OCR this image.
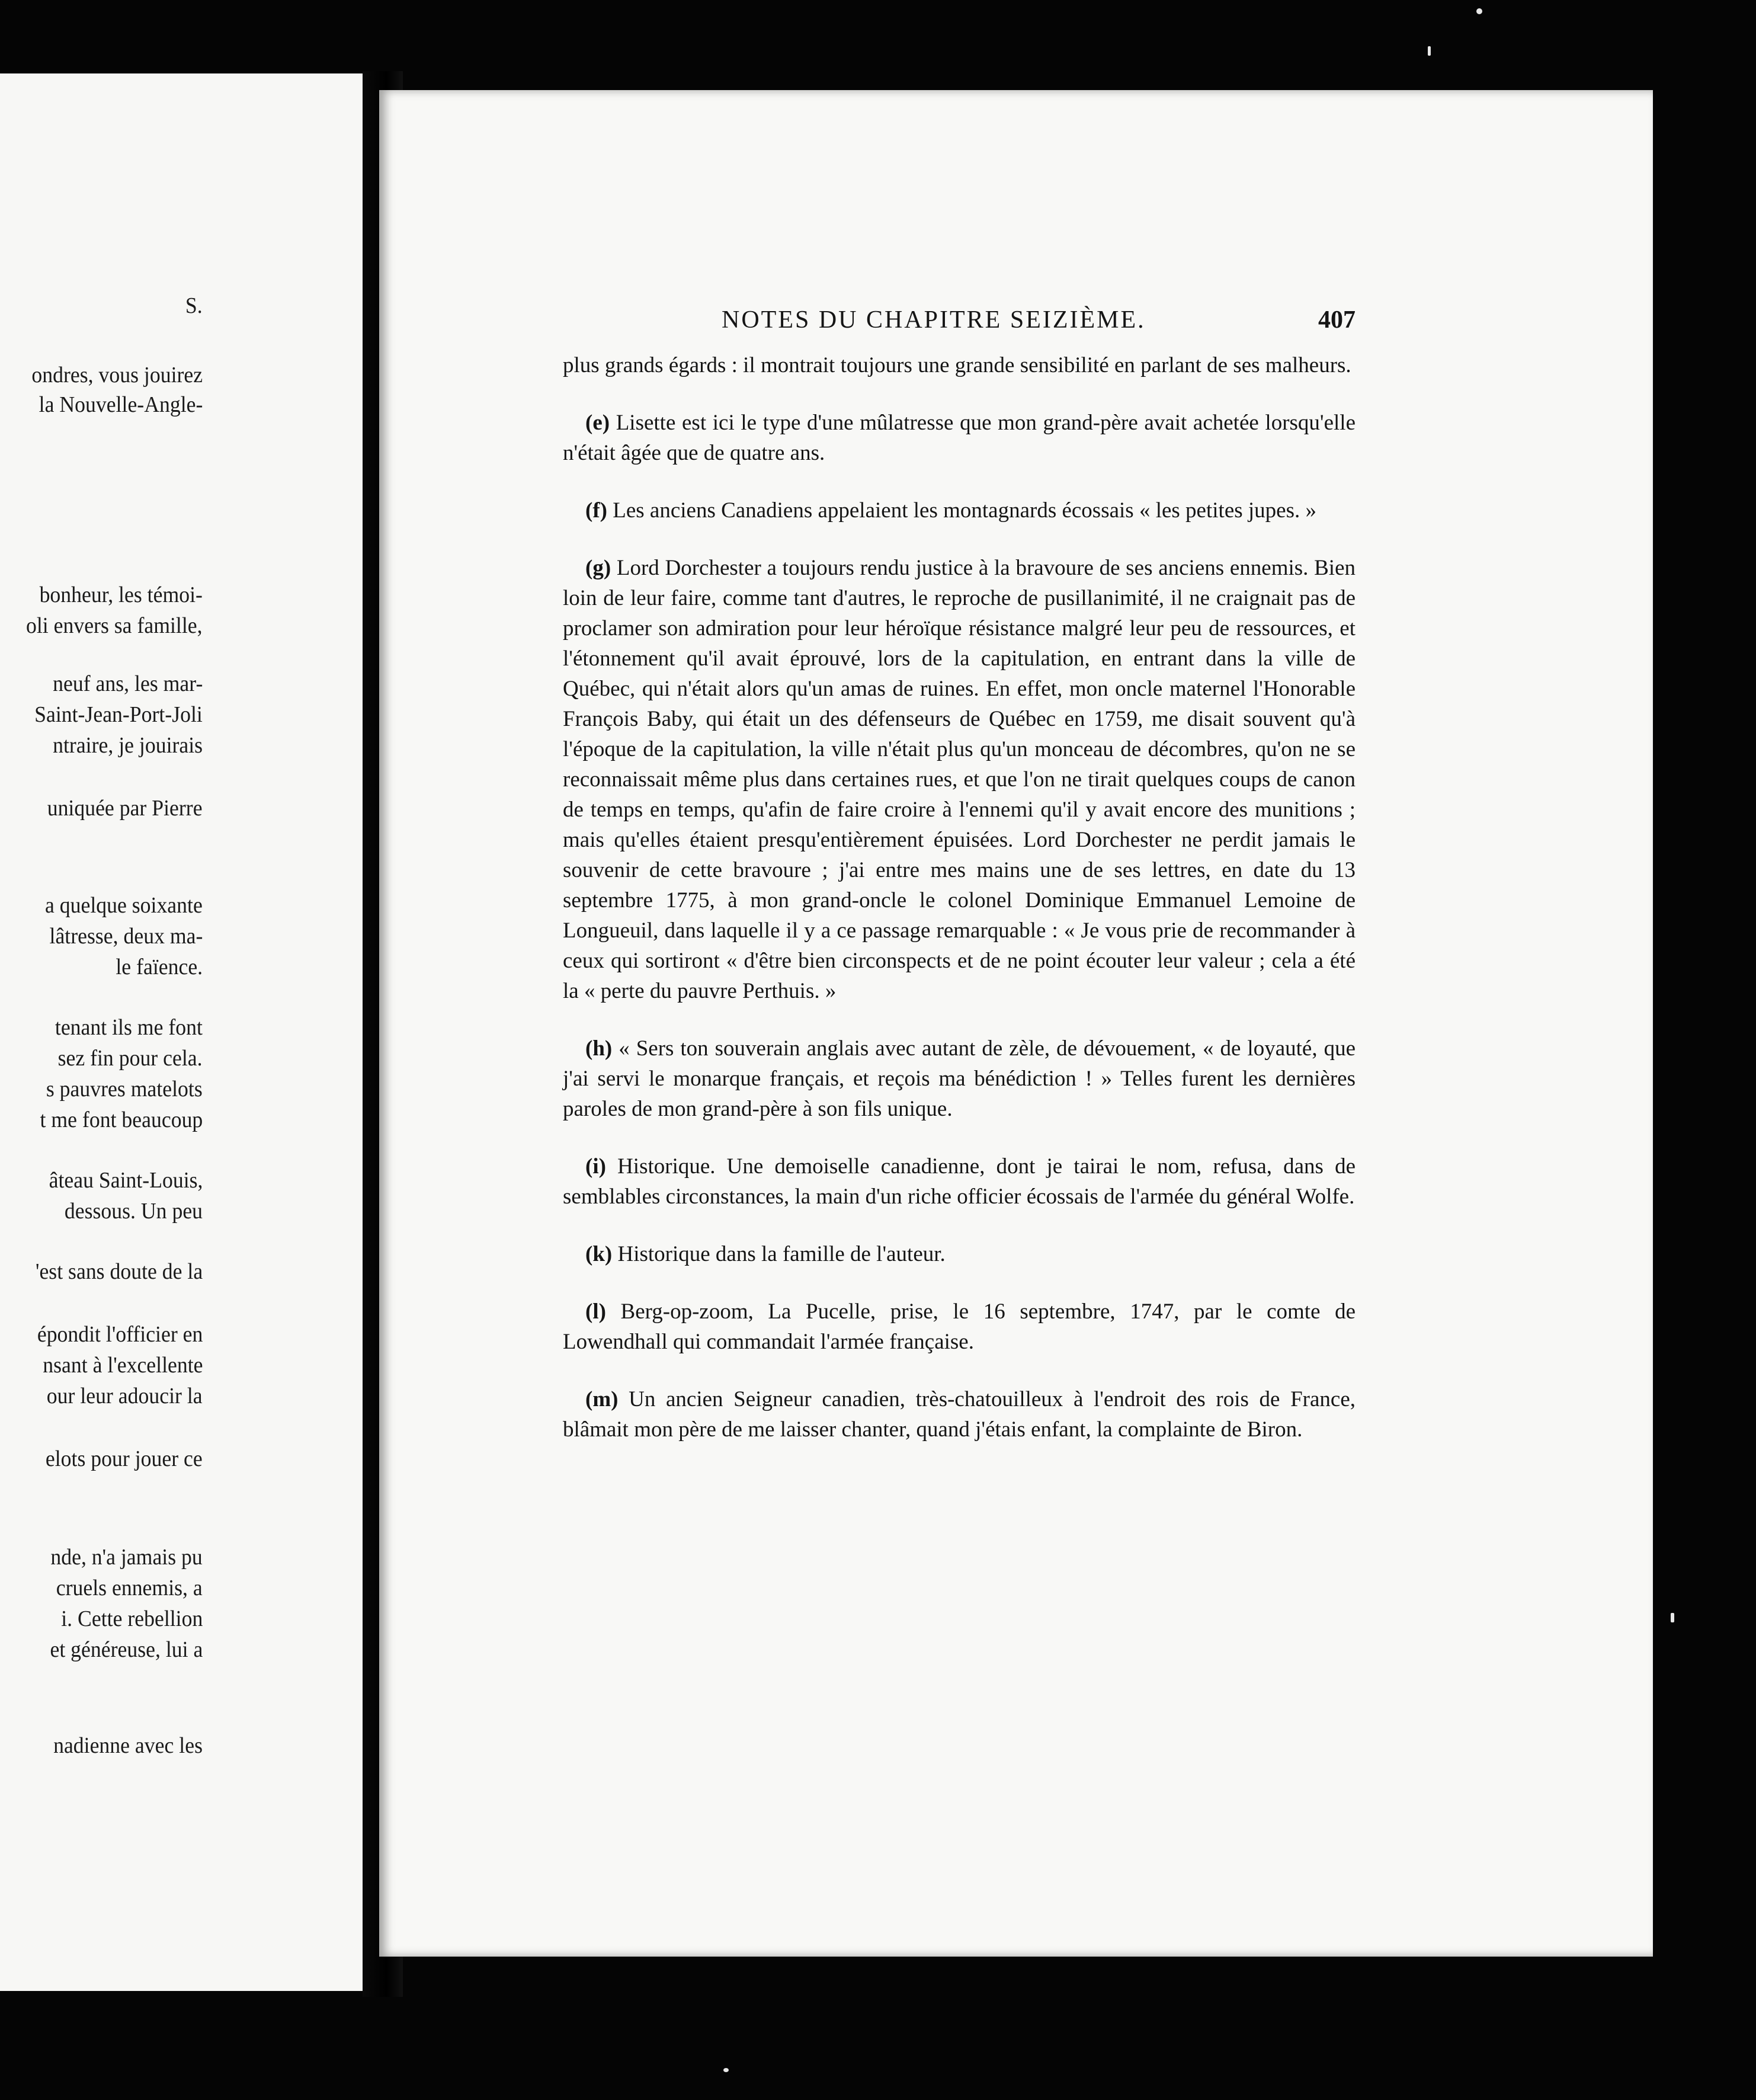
S.
ondres, vous jouirez
la Nouvelle-Angle-
bonheur, les témoi-
oli envers sa famille,
neuf ans, les mar-
Saint-Jean-Port-Joli
ntraire, je jouirais
uniquée par Pierre
a quelque soixante
lâtresse, deux ma-
le faïence.
tenant ils me font
sez fin pour cela.
s pauvres matelots
t me font beaucoup
âteau Saint-Louis,
dessous. Un peu
'est sans doute de la
épondit l'officier en
nsant à l'excellente
our leur adoucir la
elots pour jouer ce
nde, n'a jamais pu
cruels ennemis, a
i. Cette rebellion
et généreuse, lui a
nadienne avec les
NOTES DU CHAPITRE SEIZIÈME.	407

plus grands égards : il montrait toujours une grande sensibilité en parlant de ses malheurs.

(e) Lisette est ici le type d'une mûlatresse que mon grand-père avait achetée lorsqu'elle n'était âgée que de quatre ans.

(f) Les anciens Canadiens appelaient les montagnards écossais « les petites jupes. »

(g) Lord Dorchester a toujours rendu justice à la bravoure de ses anciens ennemis. Bien loin de leur faire, comme tant d'autres, le reproche de pusillanimité, il ne craignait pas de proclamer son admiration pour leur héroïque résistance malgré leur peu de ressources, et l'étonnement qu'il avait éprouvé, lors de la capitulation, en entrant dans la ville de Québec, qui n'était alors qu'un amas de ruines. En effet, mon oncle maternel l'Honorable François Baby, qui était un des défenseurs de Québec en 1759, me disait souvent qu'à l'époque de la capitulation, la ville n'était plus qu'un monceau de décombres, qu'on ne se reconnaissait même plus dans certaines rues, et que l'on ne tirait quelques coups de canon de temps en temps, qu'afin de faire croire à l'ennemi qu'il y avait encore des munitions ; mais qu'elles étaient presqu'entièrement épuisées. Lord Dorchester ne perdit jamais le souvenir de cette bravoure ; j'ai entre mes mains une de ses lettres, en date du 13 septembre 1775, à mon grand-oncle le colonel Dominique Emmanuel Lemoine de Longueuil, dans laquelle il y a ce passage remarquable : « Je vous prie de recommander à ceux qui sortiront « d'être bien circonspects et de ne point écouter leur valeur ; cela a été la « perte du pauvre Perthuis. »

(h) « Sers ton souverain anglais avec autant de zèle, de dévouement, « de loyauté, que j'ai servi le monarque français, et reçois ma bénédiction ! » Telles furent les dernières paroles de mon grand-père à son fils unique.

(i) Historique. Une demoiselle canadienne, dont je tairai le nom, refusa, dans de semblables circonstances, la main d'un riche officier écossais de l'armée du général Wolfe.

(k) Historique dans la famille de l'auteur.

(l) Berg-op-zoom, La Pucelle, prise, le 16 septembre, 1747, par le comte de Lowendhall qui commandait l'armée française.

(m) Un ancien Seigneur canadien, très-chatouilleux à l'endroit des rois de France, blâmait mon père de me laisser chanter, quand j'étais enfant, la complainte de Biron.
